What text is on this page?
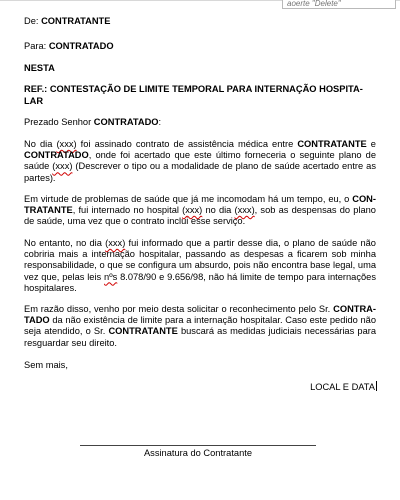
aoerte "Delete"
De: CONTRATANTE
Para: CONTRATADO
NESTA
REF.: CONTESTAÇÃO DE LIMITE TEMPORAL PARA INTERNAÇÃO HOSPITA-
LAR
Prezado Senhor CONTRATADO:
No dia (xxx) foi assinado contrato de assistência médica entre CONTRATANTE e CONTRATADO, onde foi acertado que este último forneceria o seguinte plano de saúde (xxx) (Descrever o tipo ou a modalidade de plano de saúde acertado entre as partes).
Em virtude de problemas de saúde que já me incomodam há um tempo, eu, o CON-TRATANTE, fui internado no hospital (xxx) no dia (xxx), sob as despensas do plano de saúde, uma vez que o contrato inclui esse serviço.
No entanto, no dia (xxx) fui informado que a partir desse dia, o plano de saúde não cobriria mais a internação hospitalar, passando as despesas a ficarem sob minha responsabilidade, o que se configura um absurdo, pois não encontra base legal, uma vez que, pelas leis nºs 8.078/90 e 9.656/98, não há limite de tempo para internações hospitalares.
Em razão disso, venho por meio desta solicitar o reconhecimento pelo Sr. CONTRA-TADO da não existência de limite para a internação hospitalar. Caso este pedido não seja atendido, o Sr. CONTRATANTE buscará as medidas judiciais necessárias para resguardar seu direito.
Sem mais,
LOCAL E DATA
Assinatura do Contratante
